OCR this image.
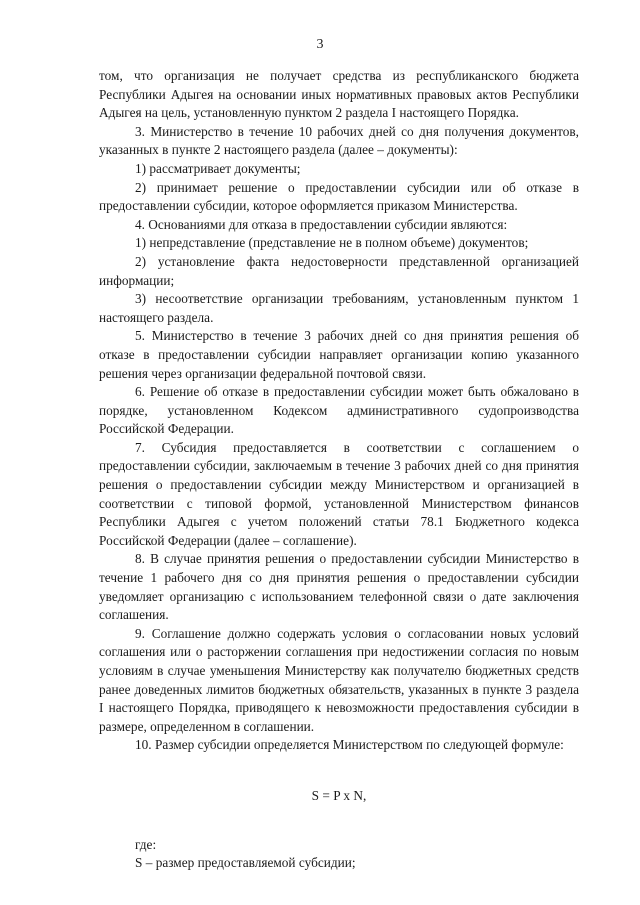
3

том, что организация не получает средства из республиканского бюджета Республики Адыгея на основании иных нормативных правовых актов Республики Адыгея на цель, установленную пунктом 2 раздела I настоящего Порядка.

3. Министерство в течение 10 рабочих дней со дня получения документов, указанных в пункте 2 настоящего раздела (далее – документы):

1) рассматривает документы;

2) принимает решение о предоставлении субсидии или об отказе в предоставлении субсидии, которое оформляется приказом Министерства.

4. Основаниями для отказа в предоставлении субсидии являются:

1) непредставление (представление не в полном объеме) документов;

2) установление факта недостоверности представленной организацией информации;

3) несоответствие организации требованиям, установленным пунктом 1 настоящего раздела.

5. Министерство в течение 3 рабочих дней со дня принятия решения об отказе в предоставлении субсидии направляет организации копию указанного решения через организации федеральной почтовой связи.

6. Решение об отказе в предоставлении субсидии может быть обжаловано в порядке, установленном Кодексом административного судопроизводства Российской Федерации.

7. Субсидия предоставляется в соответствии с соглашением о предоставлении субсидии, заключаемым в течение 3 рабочих дней со дня принятия решения о предоставлении субсидии между Министерством и организацией в соответствии с типовой формой, установленной Министерством финансов Республики Адыгея с учетом положений статьи 78.1 Бюджетного кодекса Российской Федерации (далее – соглашение).

8. В случае принятия решения о предоставлении субсидии Министерство в течение 1 рабочего дня со дня принятия решения о предоставлении субсидии уведомляет организацию с использованием телефонной связи о дате заключения соглашения.

9. Соглашение должно содержать условия о согласовании новых условий соглашения или о расторжении соглашения при недостижении согласия по новым условиям в случае уменьшения Министерству как получателю бюджетных средств ранее доведенных лимитов бюджетных обязательств, указанных в пункте 3 раздела I настоящего Порядка, приводящего к невозможности предоставления субсидии в размере, определенном в соглашении.

10. Размер субсидии определяется Министерством по следующей формуле:

S = P x N,

где:

S – размер предоставляемой субсидии;
